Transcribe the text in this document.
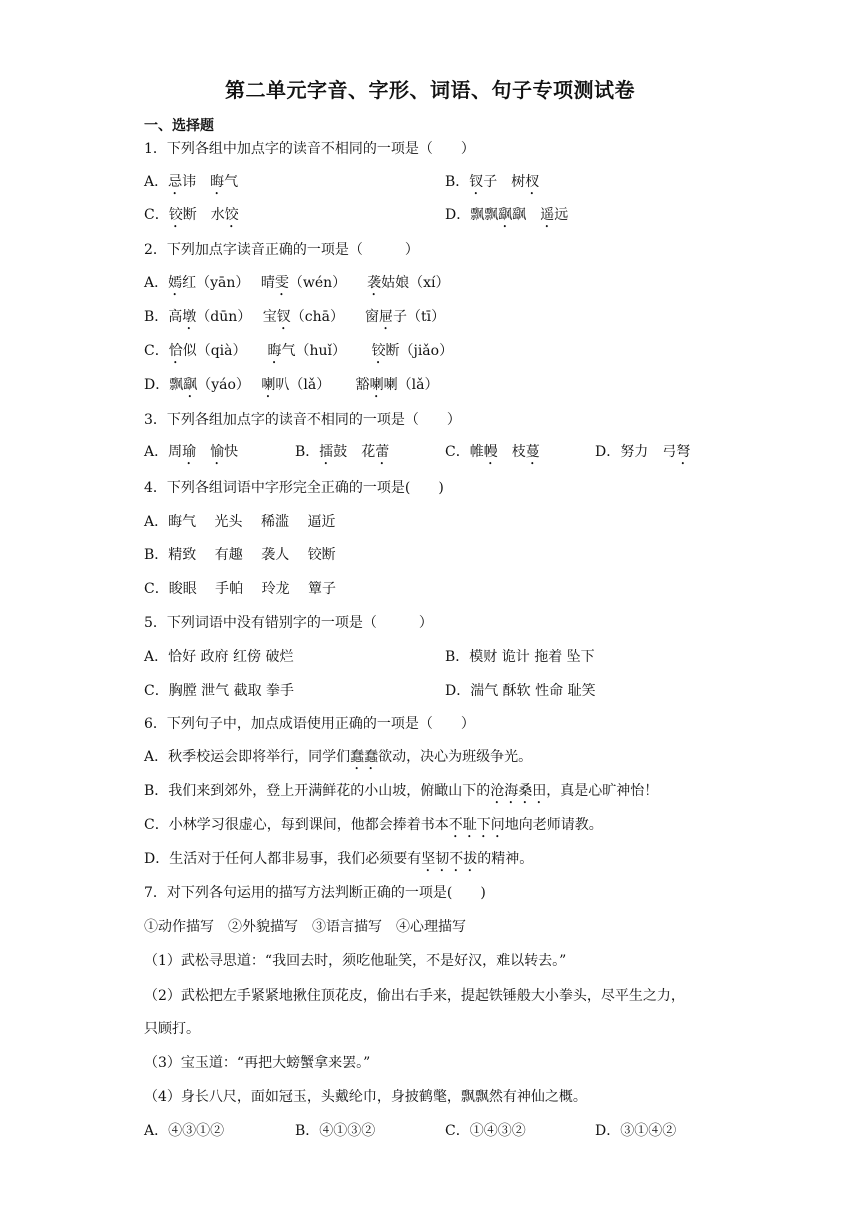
第二单元字音、字形、词语、句子专项测试卷
一、选择题
1．下列各组中加点字的读音不相同的一项是（　　）
A．忌讳　 晦气	B．钗子　 树杈
C．铰断　水饺	D．飘飘飖飖　遥远
2．下列加点字读音正确的一项是（　　　）
A．嫣红（yān）　 晴雯（wén）　　袭姑娘（xí）
B．高墩（dūn）　 宝钗（chā）　　窗屉子（tī）
C．恰似（qià）　　晦气（huǐ）　　 铰断（jiǎo）
D．飘飖（yáo）　 喇叭（lǎ）　　 豁喇喇（lǎ）
3．下列各组加点字的读音不相同的一项是（　　）
A．周瑜　 愉快	B．擂鼓　花蕾	C．帷幔　枝蔓	D．努力　弓弩
4．下列各组词语中字形完全正确的一项是(　　)
A．晦气　 光头　 稀滥　 逼近
B．精致　 有趣　 袭人　 铰断
C．睃眼　 手帕　 玲龙　 簟子
5．下列词语中没有错别字的一项是（　　　）
A．恰好 政府 红傍 破烂	B．模财 诡计 拖着 坠下
C．胸膛 泄气 截取 拳手	D．湍气 酥软 性命 耻笑
6．下列句子中，加点成语使用正确的一项是（　　）
A．秋季校运会即将举行，同学们蠢蠢欲动，决心为班级争光。
B．我们来到郊外，登上开满鲜花的小山坡，俯瞰山下的沧海桑田，真是心旷神怡！
C．小林学习很虚心，每到课间，他都会捧着书本不耻下问地向老师请教。
D．生活对于任何人都非易事，我们必须要有坚韧不拔的精神。
7．对下列各句运用的描写方法判断正确的一项是(　　)
①动作描写　②外貌描写　③语言描写　④心理描写
（1）武松寻思道：“我回去时，须吃他耻笑，不是好汉，难以转去。”
（2）武松把左手紧紧地揪住顶花皮，偷出右手来，提起铁锤般大小拳头，尽平生之力，
只顾打。
（3）宝玉道：“再把大螃蟹拿来罢。”
（4）身长八尺，面如冠玉，头戴纶巾，身披鹤氅，飘飘然有神仙之概。
A．④③①②	B．④①③②	C．①④③②	D．③①④②
